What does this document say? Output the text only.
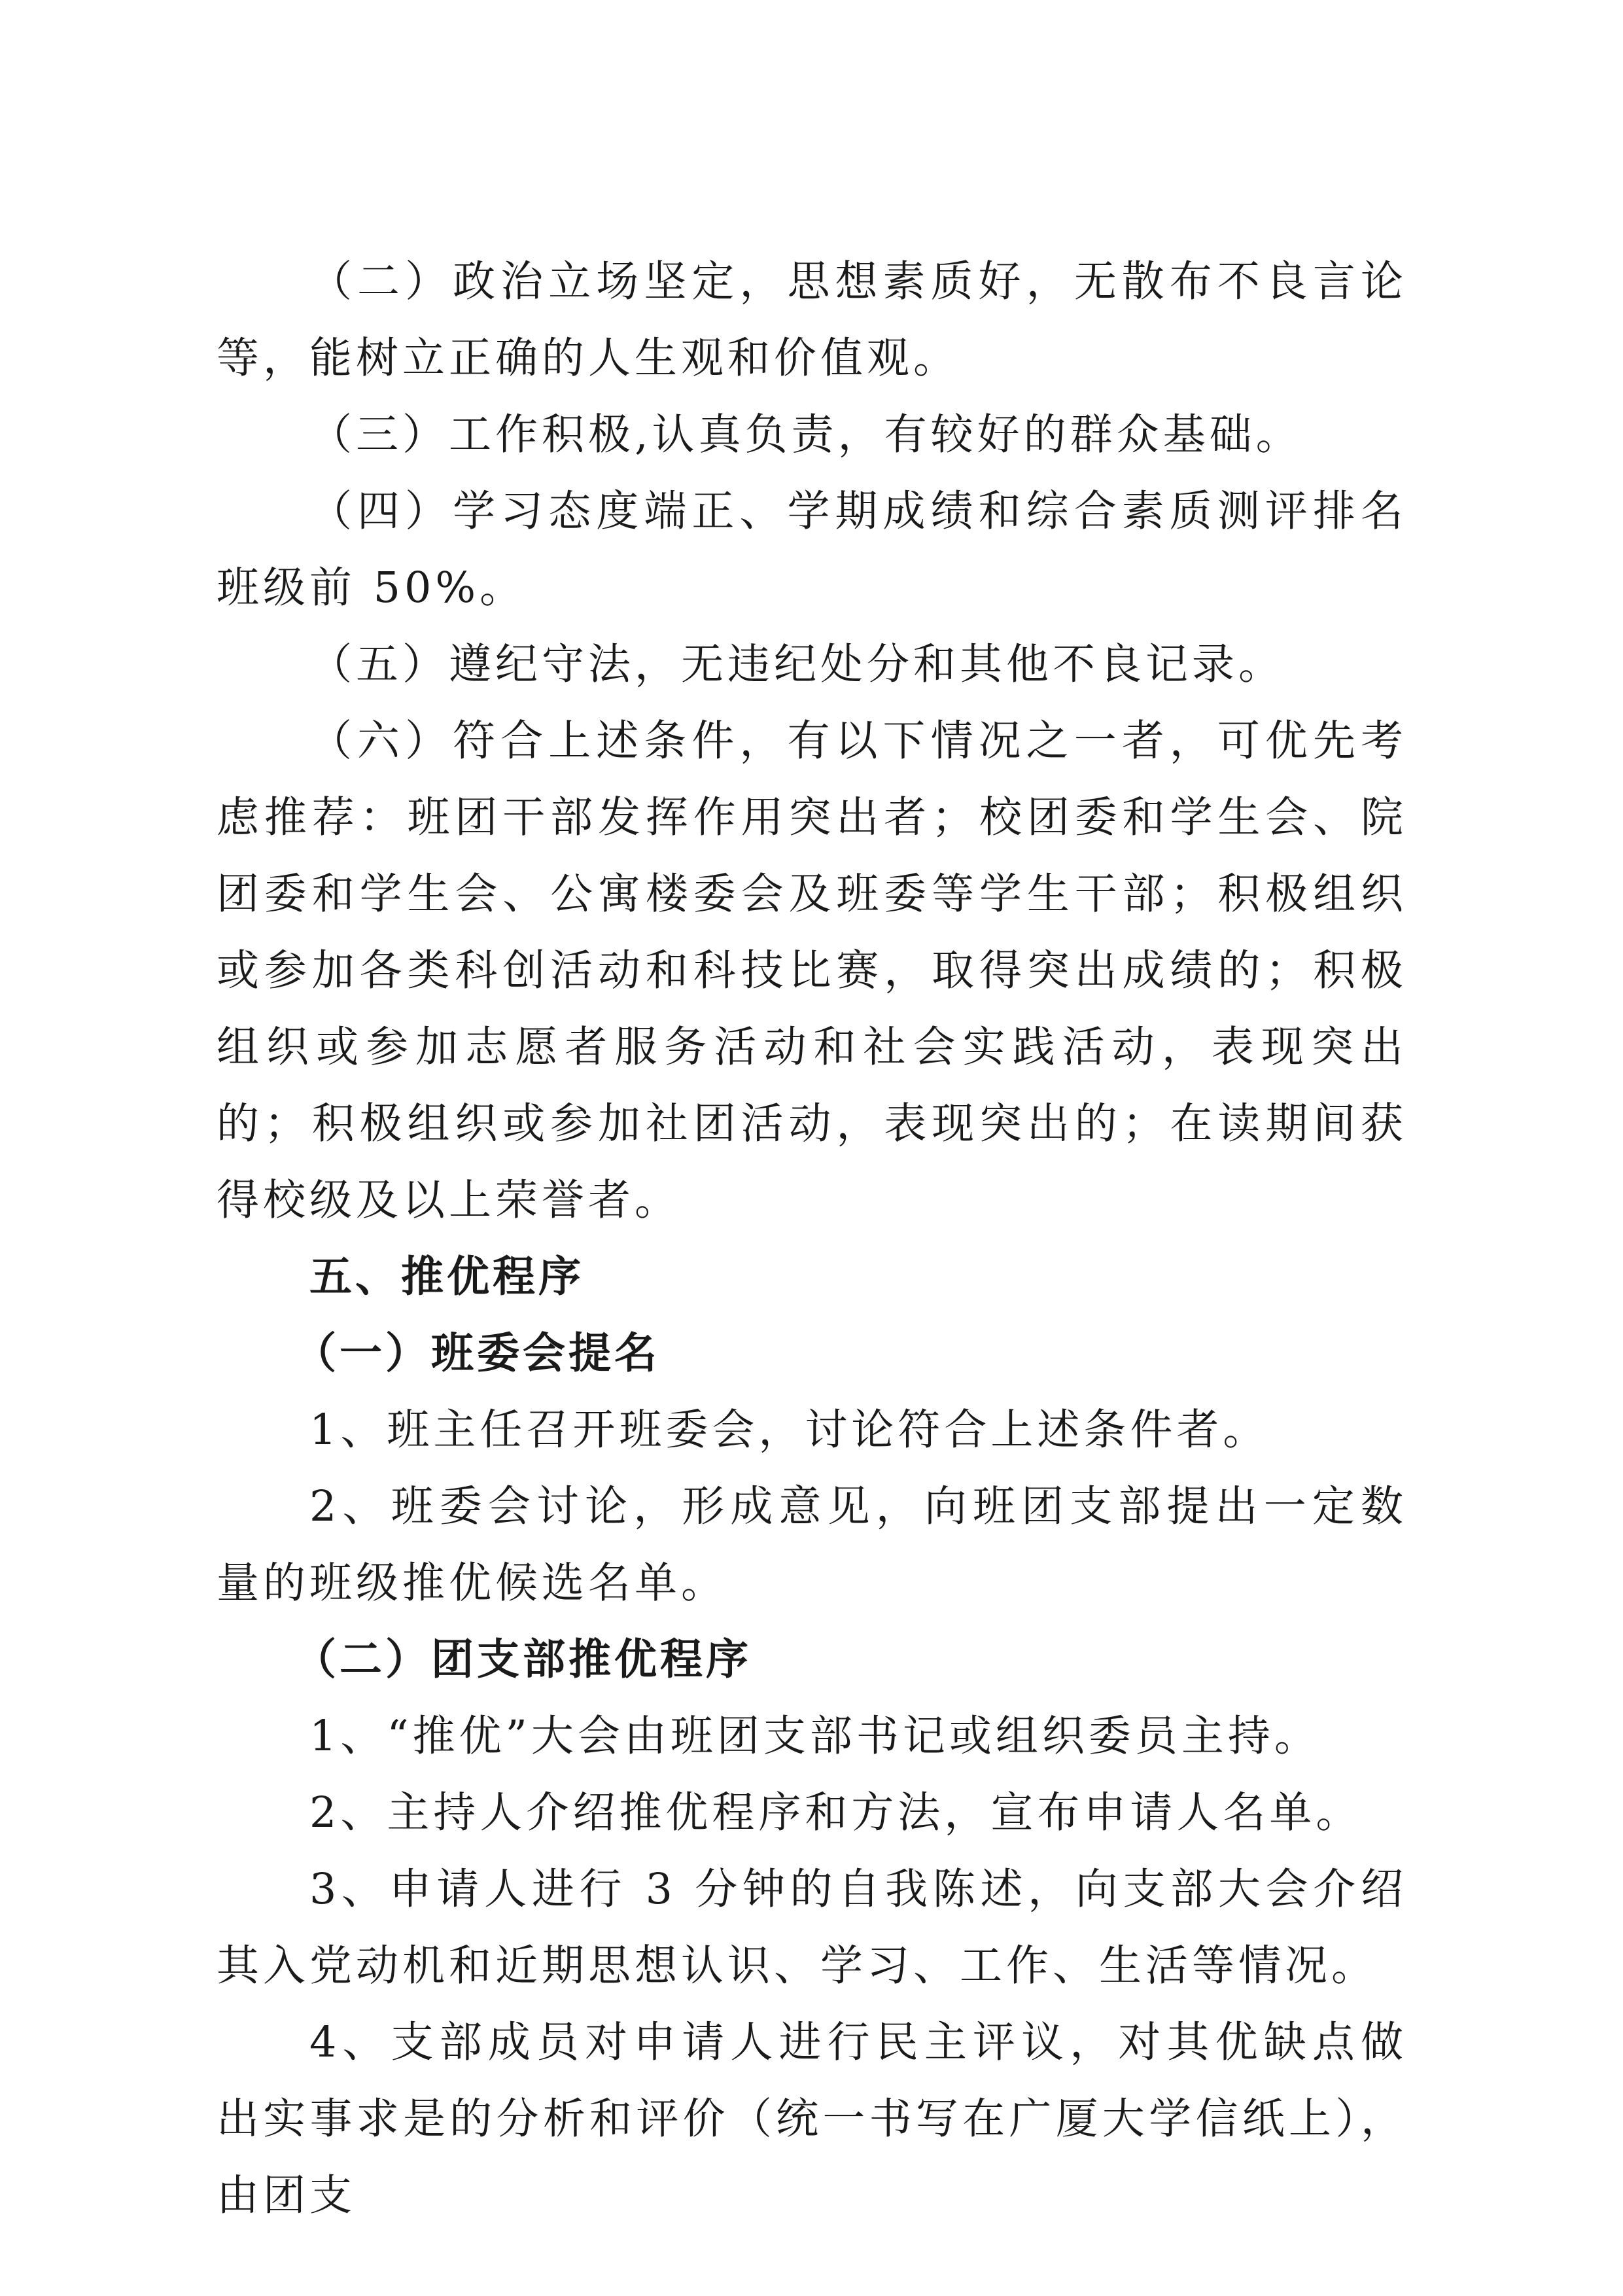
（二）政治立场坚定，思想素质好，无散布不良言论等，能树立正确的人生观和价值观。

（三）工作积极,认真负责，有较好的群众基础。

（四）学习态度端正、学期成绩和综合素质测评排名班级前 50%。

（五）遵纪守法，无违纪处分和其他不良记录。

（六）符合上述条件，有以下情况之一者，可优先考虑推荐：班团干部发挥作用突出者；校团委和学生会、院团委和学生会、公寓楼委会及班委等学生干部；积极组织或参加各类科创活动和科技比赛，取得突出成绩的；积极组织或参加志愿者服务活动和社会实践活动，表现突出的；积极组织或参加社团活动，表现突出的；在读期间获得校级及以上荣誉者。

五、推优程序

（一）班委会提名

1、班主任召开班委会，讨论符合上述条件者。

2、班委会讨论，形成意见，向班团支部提出一定数量的班级推优候选名单。

（二）团支部推优程序

1、“推优”大会由班团支部书记或组织委员主持。

2、主持人介绍推优程序和方法，宣布申请人名单。

3、申请人进行 3 分钟的自我陈述，向支部大会介绍其入党动机和近期思想认识、学习、工作、生活等情况。

4、支部成员对申请人进行民主评议，对其优缺点做出实事求是的分析和评价（统一书写在广厦大学信纸上），由团支
